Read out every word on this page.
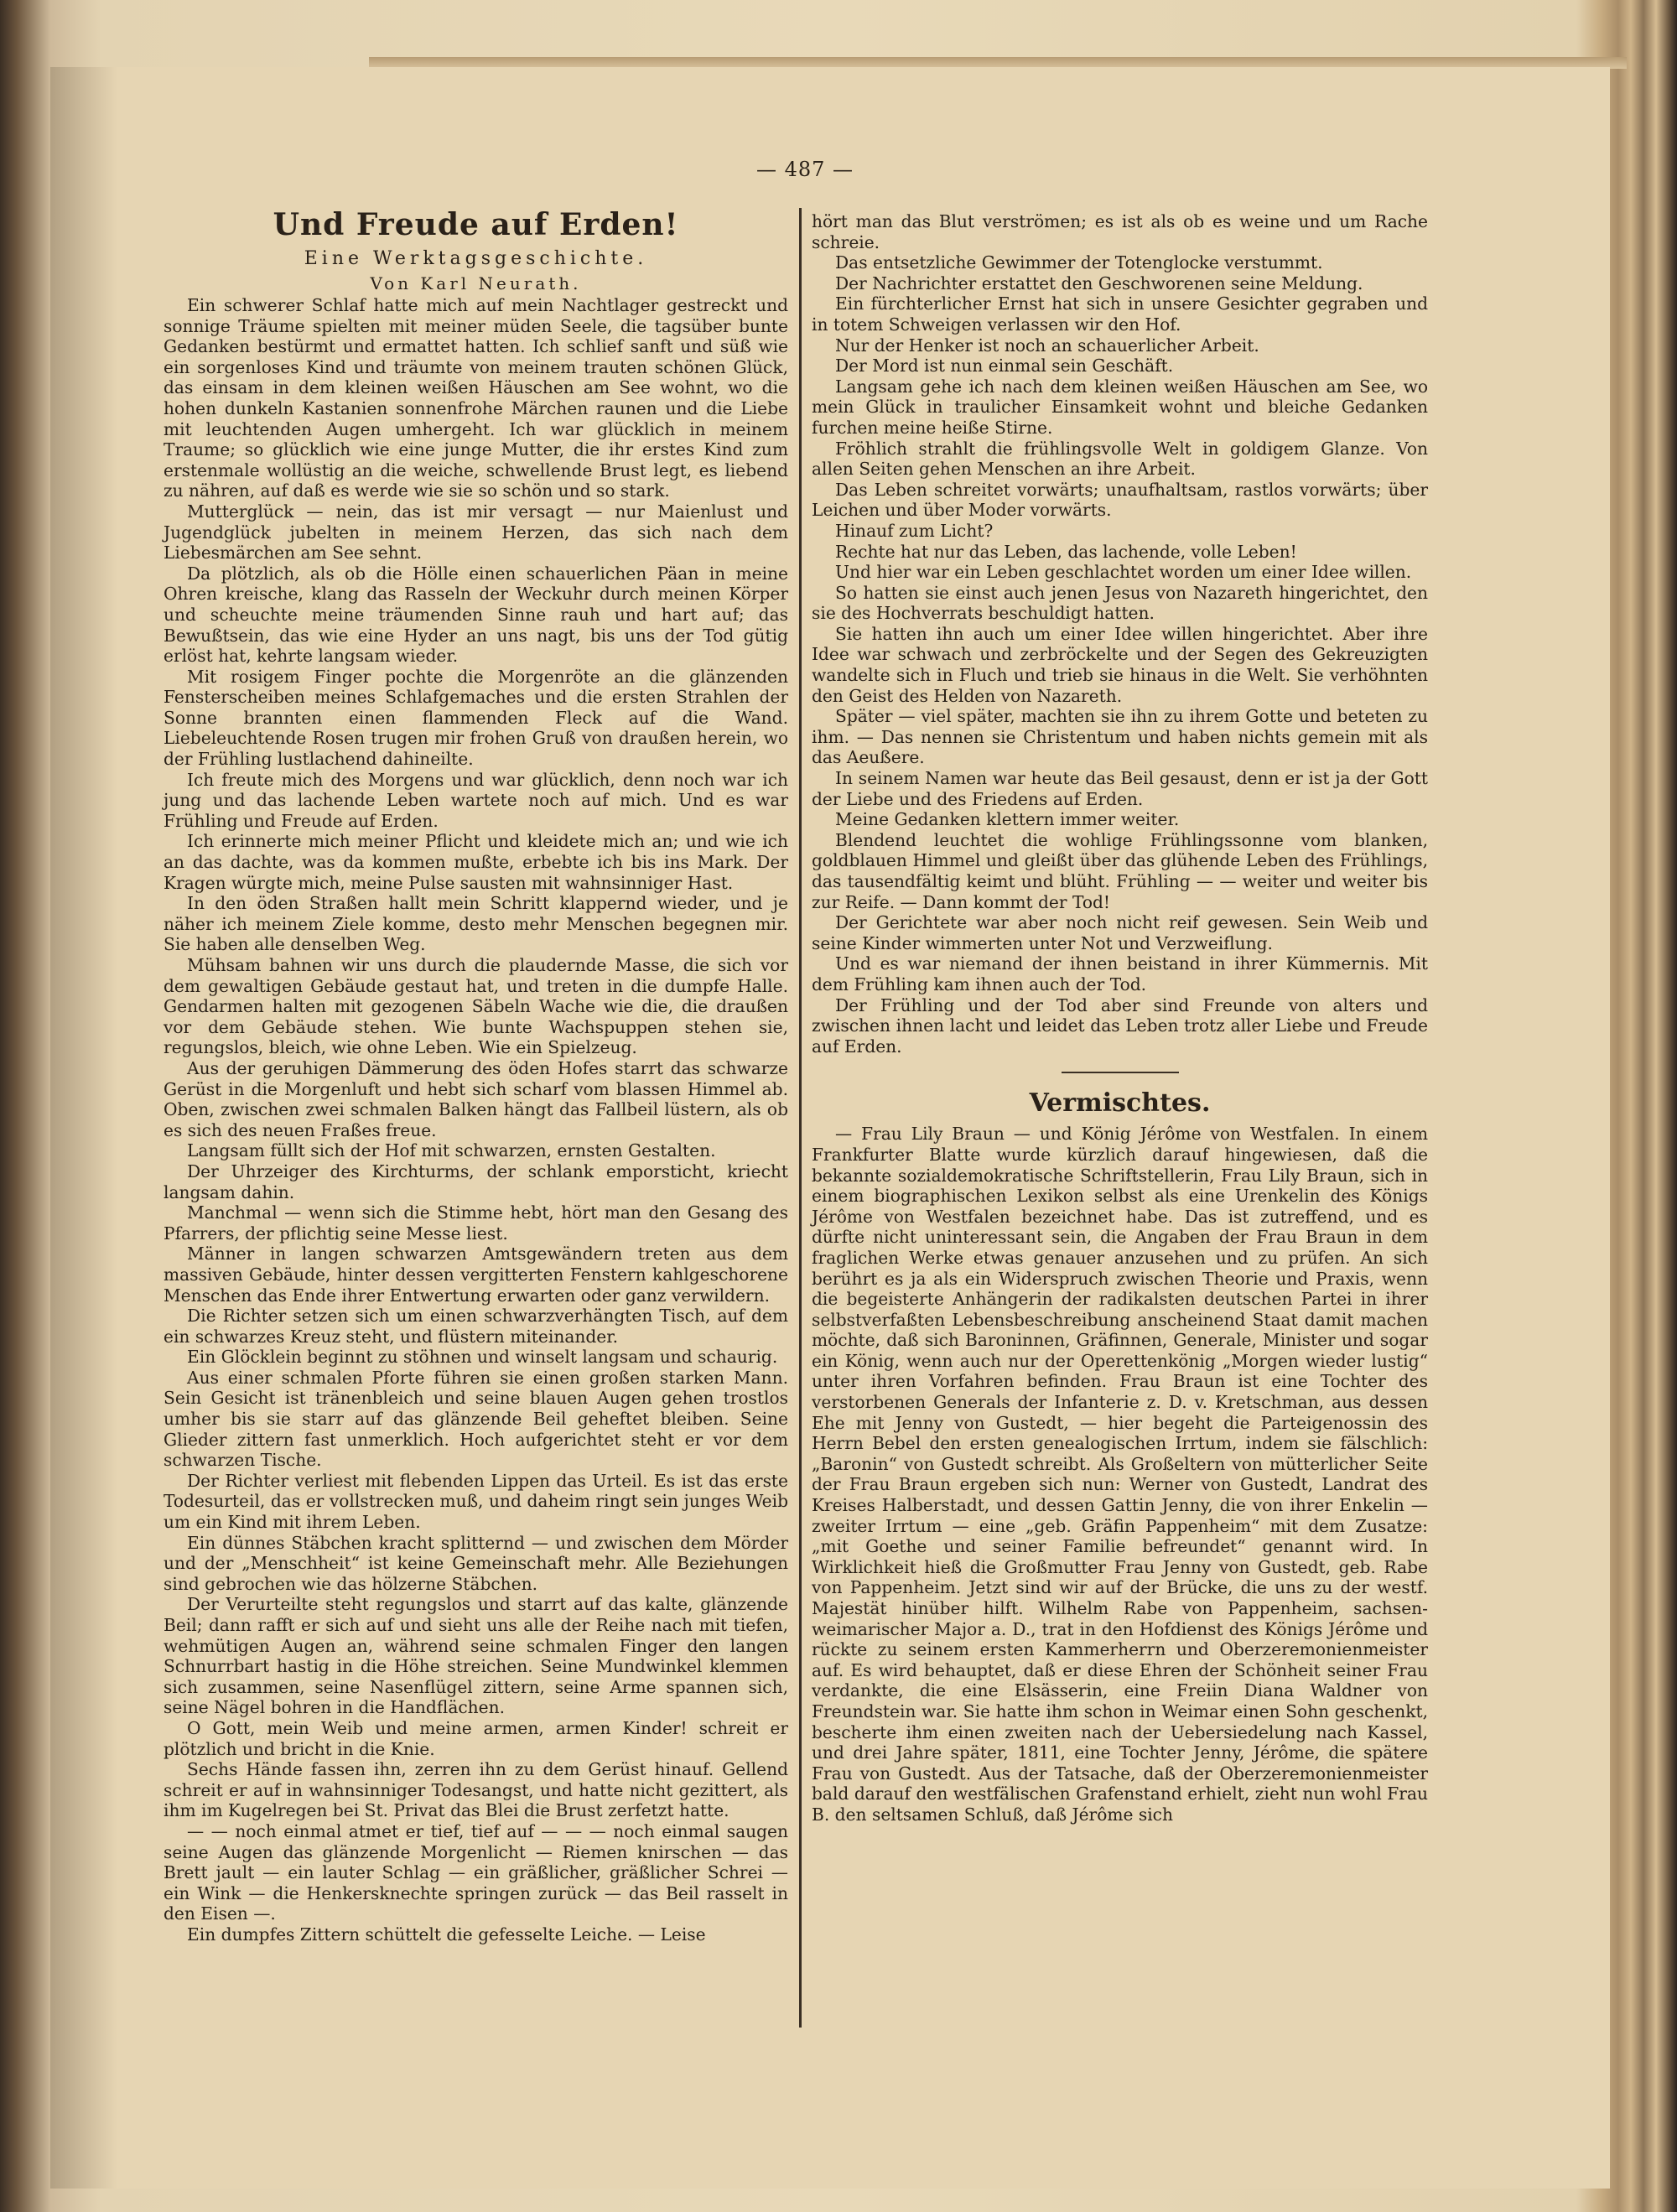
— 487 —
Und Freude auf Erden!

Eine Werktagsgeschichte.

Von Karl Neurath.

Ein schwerer Schlaf hatte mich auf mein Nachtlager gestreckt und sonnige Träume spielten mit meiner müden Seele, die tagsüber bunte Gedanken bestürmt und ermattet hatten. Ich schlief sanft und süß wie ein sorgenloses Kind und träumte von meinem trauten schönen Glück, das einsam in dem kleinen weißen Häuschen am See wohnt, wo die hohen dunkeln Kastanien sonnenfrohe Märchen raunen und die Liebe mit leuchtenden Augen umhergeht. Ich war glücklich in meinem Traume; so glücklich wie eine junge Mutter, die ihr erstes Kind zum erstenmale wollüstig an die weiche, schwellende Brust legt, es liebend zu nähren, auf daß es werde wie sie so schön und so stark.

Mutterglück — nein, das ist mir versagt — nur Maienlust und Jugendglück jubelten in meinem Herzen, das sich nach dem Liebesmärchen am See sehnt.

Da plötzlich, als ob die Hölle einen schauerlichen Päan in meine Ohren kreische, klang das Rasseln der Weckuhr durch meinen Körper und scheuchte meine träumenden Sinne rauh und hart auf; das Bewußtsein, das wie eine Hyder an uns nagt, bis uns der Tod gütig erlöst hat, kehrte langsam wieder.

Mit rosigem Finger pochte die Morgenröte an die glänzenden Fensterscheiben meines Schlafgemaches und die ersten Strahlen der Sonne brannten einen flammenden Fleck auf die Wand. Liebeleuchtende Rosen trugen mir frohen Gruß von draußen herein, wo der Frühling lustlachend dahineilte.

Ich freute mich des Morgens und war glücklich, denn noch war ich jung und das lachende Leben wartete noch auf mich. Und es war Frühling und Freude auf Erden.

Ich erinnerte mich meiner Pflicht und kleidete mich an; und wie ich an das dachte, was da kommen mußte, erbebte ich bis ins Mark. Der Kragen würgte mich, meine Pulse sausten mit wahnsinniger Hast.

In den öden Straßen hallt mein Schritt klappernd wieder, und je näher ich meinem Ziele komme, desto mehr Menschen begegnen mir. Sie haben alle denselben Weg.

Mühsam bahnen wir uns durch die plaudernde Masse, die sich vor dem gewaltigen Gebäude gestaut hat, und treten in die dumpfe Halle. Gendarmen halten mit gezogenen Säbeln Wache wie die, die draußen vor dem Gebäude stehen. Wie bunte Wachspuppen stehen sie, regungslos, bleich, wie ohne Leben. Wie ein Spielzeug.

Aus der geruhigen Dämmerung des öden Hofes starrt das schwarze Gerüst in die Morgenluft und hebt sich scharf vom blassen Himmel ab. Oben, zwischen zwei schmalen Balken hängt das Fallbeil lüstern, als ob es sich des neuen Fraßes freue.

Langsam füllt sich der Hof mit schwarzen, ernsten Gestalten.

Der Uhrzeiger des Kirchturms, der schlank emporsticht, kriecht langsam dahin.

Manchmal — wenn sich die Stimme hebt, hört man den Gesang des Pfarrers, der pflichtig seine Messe liest.

Männer in langen schwarzen Amtsgewändern treten aus dem massiven Gebäude, hinter dessen vergitterten Fenstern kahlgeschorene Menschen das Ende ihrer Entwertung erwarten oder ganz verwildern.

Die Richter setzen sich um einen schwarzverhängten Tisch, auf dem ein schwarzes Kreuz steht, und flüstern miteinander.

Ein Glöcklein beginnt zu stöhnen und winselt langsam und schaurig.

Aus einer schmalen Pforte führen sie einen großen starken Mann. Sein Gesicht ist tränenbleich und seine blauen Augen gehen trostlos umher bis sie starr auf das glänzende Beil geheftet bleiben. Seine Glieder zittern fast unmerklich. Hoch aufgerichtet steht er vor dem schwarzen Tische.

Der Richter verliest mit flebenden Lippen das Urteil. Es ist das erste Todesurteil, das er vollstrecken muß, und daheim ringt sein junges Weib um ein Kind mit ihrem Leben.

Ein dünnes Stäbchen kracht splitternd — und zwischen dem Mörder und der „Menschheit“ ist keine Gemeinschaft mehr. Alle Beziehungen sind gebrochen wie das hölzerne Stäbchen.

Der Verurteilte steht regungslos und starrt auf das kalte, glänzende Beil; dann rafft er sich auf und sieht uns alle der Reihe nach mit tiefen, wehmütigen Augen an, während seine schmalen Finger den langen Schnurrbart hastig in die Höhe streichen. Seine Mundwinkel klemmen sich zusammen, seine Nasenflügel zittern, seine Arme spannen sich, seine Nägel bohren in die Handflächen.

O Gott, mein Weib und meine armen, armen Kinder! schreit er plötzlich und bricht in die Knie.

Sechs Hände fassen ihn, zerren ihn zu dem Gerüst hinauf. Gellend schreit er auf in wahnsinniger Todesangst, und hatte nicht gezittert, als ihm im Kugelregen bei St. Privat das Blei die Brust zerfetzt hatte.

— — noch einmal atmet er tief, tief auf — — — noch einmal saugen seine Augen das glänzende Morgenlicht — Riemen knirschen — das Brett jault — ein lauter Schlag — ein gräßlicher, gräßlicher Schrei — ein Wink — die Henkersknechte springen zurück — das Beil rasselt in den Eisen —.

Ein dumpfes Zittern schüttelt die gefesselte Leiche. — Leise

hört man das Blut verströmen; es ist als ob es weine und um Rache schreie.

Das entsetzliche Gewimmer der Totenglocke verstummt.

Der Nachrichter erstattet den Geschworenen seine Meldung.

Ein fürchterlicher Ernst hat sich in unsere Gesichter gegraben und in totem Schweigen verlassen wir den Hof.

Nur der Henker ist noch an schauerlicher Arbeit.

Der Mord ist nun einmal sein Geschäft.

Langsam gehe ich nach dem kleinen weißen Häuschen am See, wo mein Glück in traulicher Einsamkeit wohnt und bleiche Gedanken furchen meine heiße Stirne.

Fröhlich strahlt die frühlingsvolle Welt in goldigem Glanze. Von allen Seiten gehen Menschen an ihre Arbeit.

Das Leben schreitet vorwärts; unaufhaltsam, rastlos vorwärts; über Leichen und über Moder vorwärts.

Hinauf zum Licht?

Rechte hat nur das Leben, das lachende, volle Leben!

Und hier war ein Leben geschlachtet worden um einer Idee willen.

So hatten sie einst auch jenen Jesus von Nazareth hingerichtet, den sie des Hochverrats beschuldigt hatten.

Sie hatten ihn auch um einer Idee willen hingerichtet. Aber ihre Idee war schwach und zerbröckelte und der Segen des Gekreuzigten wandelte sich in Fluch und trieb sie hinaus in die Welt. Sie verhöhnten den Geist des Helden von Nazareth.

Später — viel später, machten sie ihn zu ihrem Gotte und beteten zu ihm. — Das nennen sie Christentum und haben nichts gemein mit als das Aeußere.

In seinem Namen war heute das Beil gesaust, denn er ist ja der Gott der Liebe und des Friedens auf Erden.

Meine Gedanken klettern immer weiter.

Blendend leuchtet die wohlige Frühlingssonne vom blanken, goldblauen Himmel und gleißt über das glühende Leben des Frühlings, das tausendfältig keimt und blüht. Frühling — — weiter und weiter bis zur Reife. — Dann kommt der Tod!

Der Gerichtete war aber noch nicht reif gewesen. Sein Weib und seine Kinder wimmerten unter Not und Verzweiflung.

Und es war niemand der ihnen beistand in ihrer Kümmernis. Mit dem Frühling kam ihnen auch der Tod.

Der Frühling und der Tod aber sind Freunde von alters und zwischen ihnen lacht und leidet das Leben trotz aller Liebe und Freude auf Erden.

Vermischtes.

— Frau Lily Braun — und König Jérôme von Westfalen. In einem Frankfurter Blatte wurde kürzlich darauf hingewiesen, daß die bekannte sozialdemokratische Schriftstellerin, Frau Lily Braun, sich in einem biographischen Lexikon selbst als eine Urenkelin des Königs Jérôme von Westfalen bezeichnet habe. Das ist zutreffend, und es dürfte nicht uninteressant sein, die Angaben der Frau Braun in dem fraglichen Werke etwas genauer anzusehen und zu prüfen. An sich berührt es ja als ein Widerspruch zwischen Theorie und Praxis, wenn die begeisterte Anhängerin der radikalsten deutschen Partei in ihrer selbstverfaßten Lebensbeschreibung anscheinend Staat damit machen möchte, daß sich Baroninnen, Gräfinnen, Generale, Minister und sogar ein König, wenn auch nur der Operettenkönig „Morgen wieder lustig“ unter ihren Vorfahren befinden. Frau Braun ist eine Tochter des verstorbenen Generals der Infanterie z. D. v. Kretschman, aus dessen Ehe mit Jenny von Gustedt, — hier begeht die Parteigenossin des Herrn Bebel den ersten genealogischen Irrtum, indem sie fälschlich: „Baronin“ von Gustedt schreibt. Als Großeltern von mütterlicher Seite der Frau Braun ergeben sich nun: Werner von Gustedt, Landrat des Kreises Halberstadt, und dessen Gattin Jenny, die von ihrer Enkelin — zweiter Irrtum — eine „geb. Gräfin Pappenheim“ mit dem Zusatze: „mit Goethe und seiner Familie befreundet“ genannt wird. In Wirklichkeit hieß die Großmutter Frau Jenny von Gustedt, geb. Rabe von Pappenheim. Jetzt sind wir auf der Brücke, die uns zu der westf. Majestät hinüber hilft. Wilhelm Rabe von Pappenheim, sachsen-weimarischer Major a. D., trat in den Hofdienst des Königs Jérôme und rückte zu seinem ersten Kammerherrn und Oberzeremonienmeister auf. Es wird behauptet, daß er diese Ehren der Schönheit seiner Frau verdankte, die eine Elsässerin, eine Freiin Diana Waldner von Freundstein war. Sie hatte ihm schon in Weimar einen Sohn geschenkt, bescherte ihm einen zweiten nach der Uebersiedelung nach Kassel, und drei Jahre später, 1811, eine Tochter Jenny, Jérôme, die spätere Frau von Gustedt. Aus der Tatsache, daß der Oberzeremonienmeister bald darauf den westfälischen Grafenstand erhielt, zieht nun wohl Frau B. den seltsamen Schluß, daß Jérôme sich
